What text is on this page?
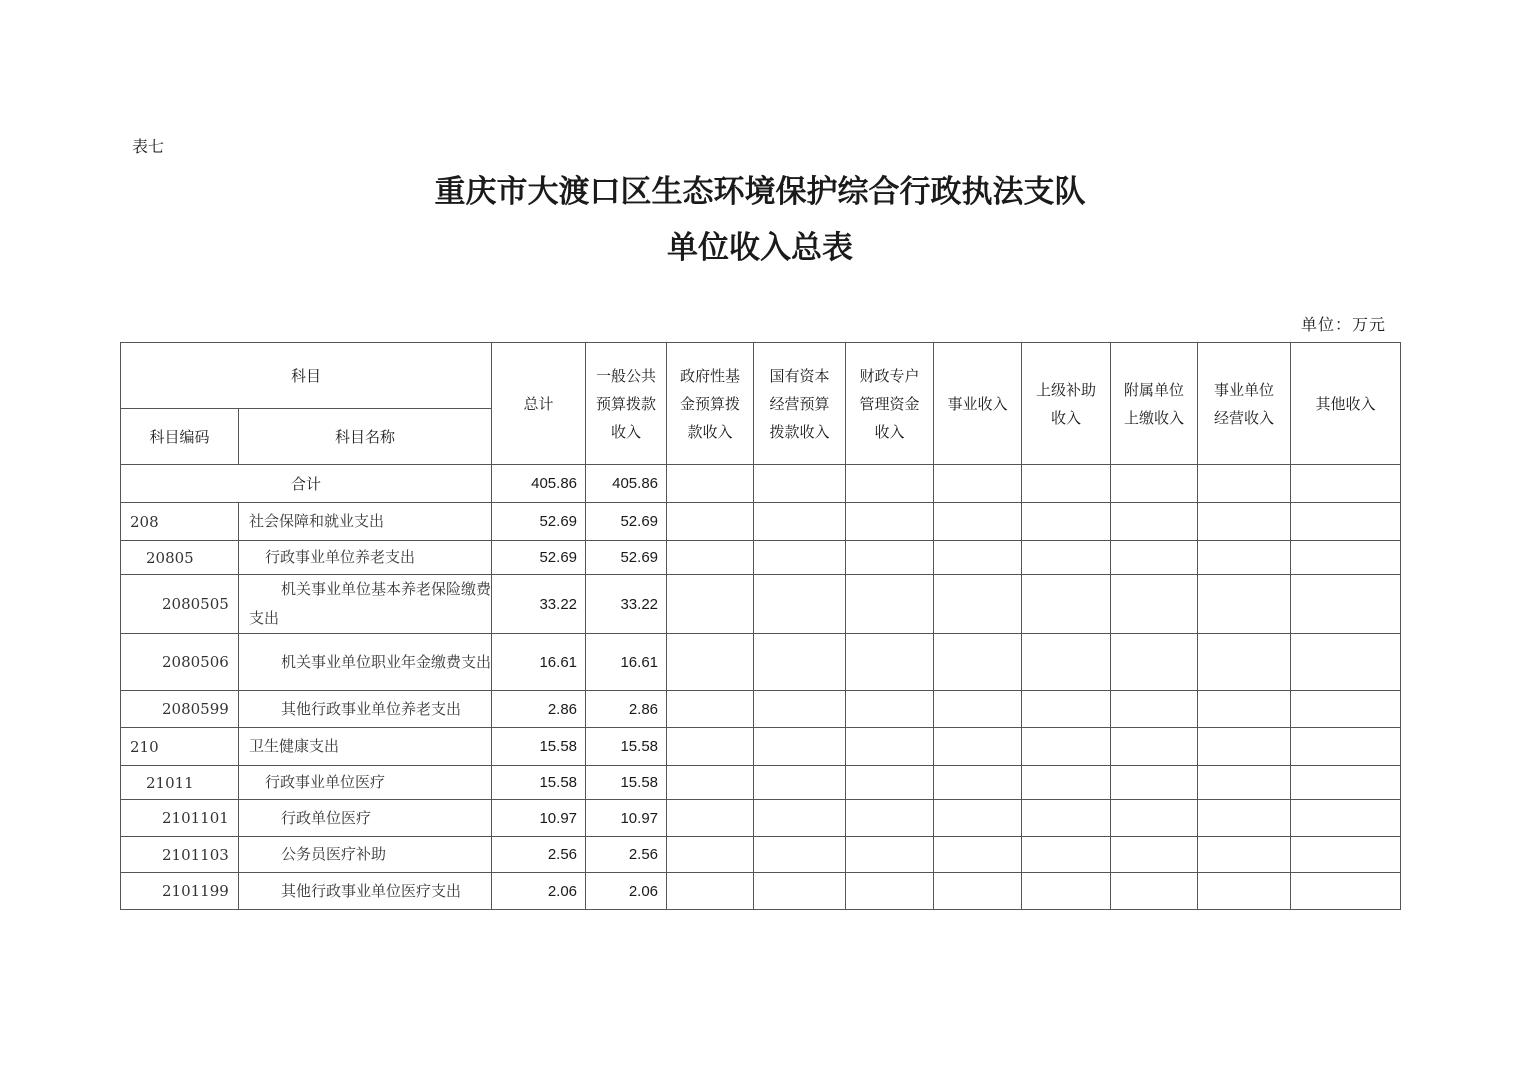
表七
重庆市大渡口区生态环境保护综合行政执法支队
单位收入总表
单位：万元
科目		总计	一般公共预算拨款收入	政府性基金预算拨款收入	国有资本经营预算拨款收入	财政专户管理资金收入	事业收入	上级补助收入	附属单位上缴收入	事业单位经营收入	其他收入
科目编码	科目名称										
合计		405.86	405.86								
208	社会保障和就业支出	52.69	52.69								
20805	行政事业单位养老支出	52.69	52.69								
2080505	机关事业单位基本养老保险缴费支出	33.22	33.22								
2080506	机关事业单位职业年金缴费支出	16.61	16.61								
2080599	其他行政事业单位养老支出	2.86	2.86								
210	卫生健康支出	15.58	15.58								
21011	行政事业单位医疗	15.58	15.58								
2101101	行政单位医疗	10.97	10.97								
2101103	公务员医疗补助	2.56	2.56								
2101199	其他行政事业单位医疗支出	2.06	2.06								
